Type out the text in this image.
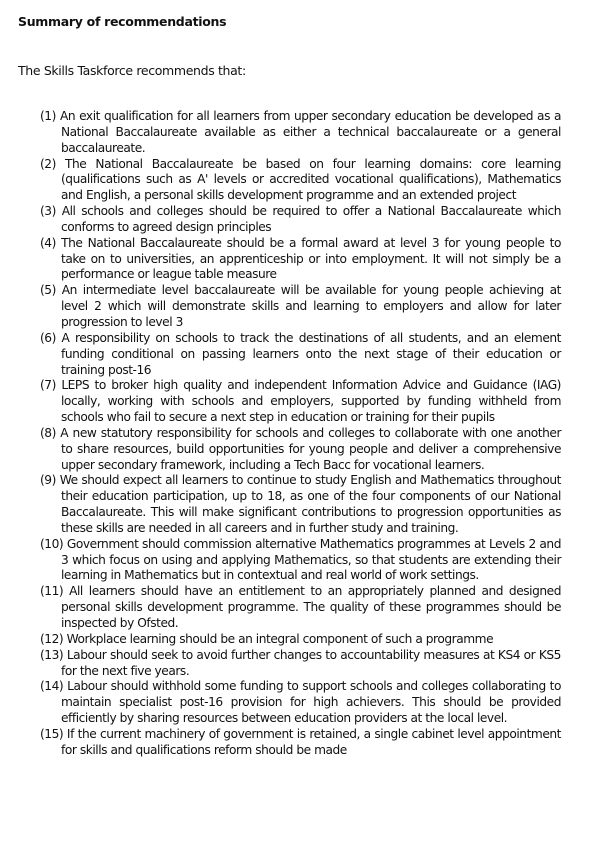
Summary of recommendations
The Skills Taskforce recommends that:
(1) An exit qualification for all learners from upper secondary education be developed as a National Baccalaureate available as either a technical baccalaureate or a general baccalaureate.
(2) The National Baccalaureate be based on four learning domains: core learning (qualifications such as A' levels or accredited vocational qualifications), Mathematics and English, a personal skills development programme and an extended project
(3) All schools and colleges should be required to offer a National Baccalaureate which conforms to agreed design principles
(4) The National Baccalaureate should be a formal award at level 3 for young people to take on to universities, an apprenticeship or into employment. It will not simply be a performance or league table measure
(5) An intermediate level baccalaureate will be available for young people achieving at level 2 which will demonstrate skills and learning to employers and allow for later progression to level 3
(6) A responsibility on schools to track the destinations of all students, and an element funding conditional on passing learners onto the next stage of their education or training post-16
(7) LEPS to broker high quality and independent Information Advice and Guidance (IAG) locally, working with schools and employers, supported by funding withheld from schools who fail to secure a next step in education or training for their pupils
(8) A new statutory responsibility for schools and colleges to collaborate with one another to share resources, build opportunities for young people and deliver a comprehensive upper secondary framework, including a Tech Bacc for vocational learners.
(9) We should expect all learners to continue to study English and Mathematics throughout their education participation, up to 18, as one of the four components of our National Baccalaureate. This will make significant contributions to progression opportunities as these skills are needed in all careers and in further study and training.
(10) Government should commission alternative Mathematics programmes at Levels 2 and 3 which focus on using and applying Mathematics, so that students are extending their learning in Mathematics but in contextual and real world of work settings.
(11) All learners should have an entitlement to an appropriately planned and designed personal skills development programme. The quality of these programmes should be inspected by Ofsted.
(12) Workplace learning should be an integral component of such a programme
(13) Labour should seek to avoid further changes to accountability measures at KS4 or KS5 for the next five years.
(14) Labour should withhold some funding to support schools and colleges collaborating to maintain specialist post-16 provision for high achievers. This should be provided efficiently by sharing resources between education providers at the local level.
(15) If the current machinery of government is retained, a single cabinet level appointment for skills and qualifications reform should be made
